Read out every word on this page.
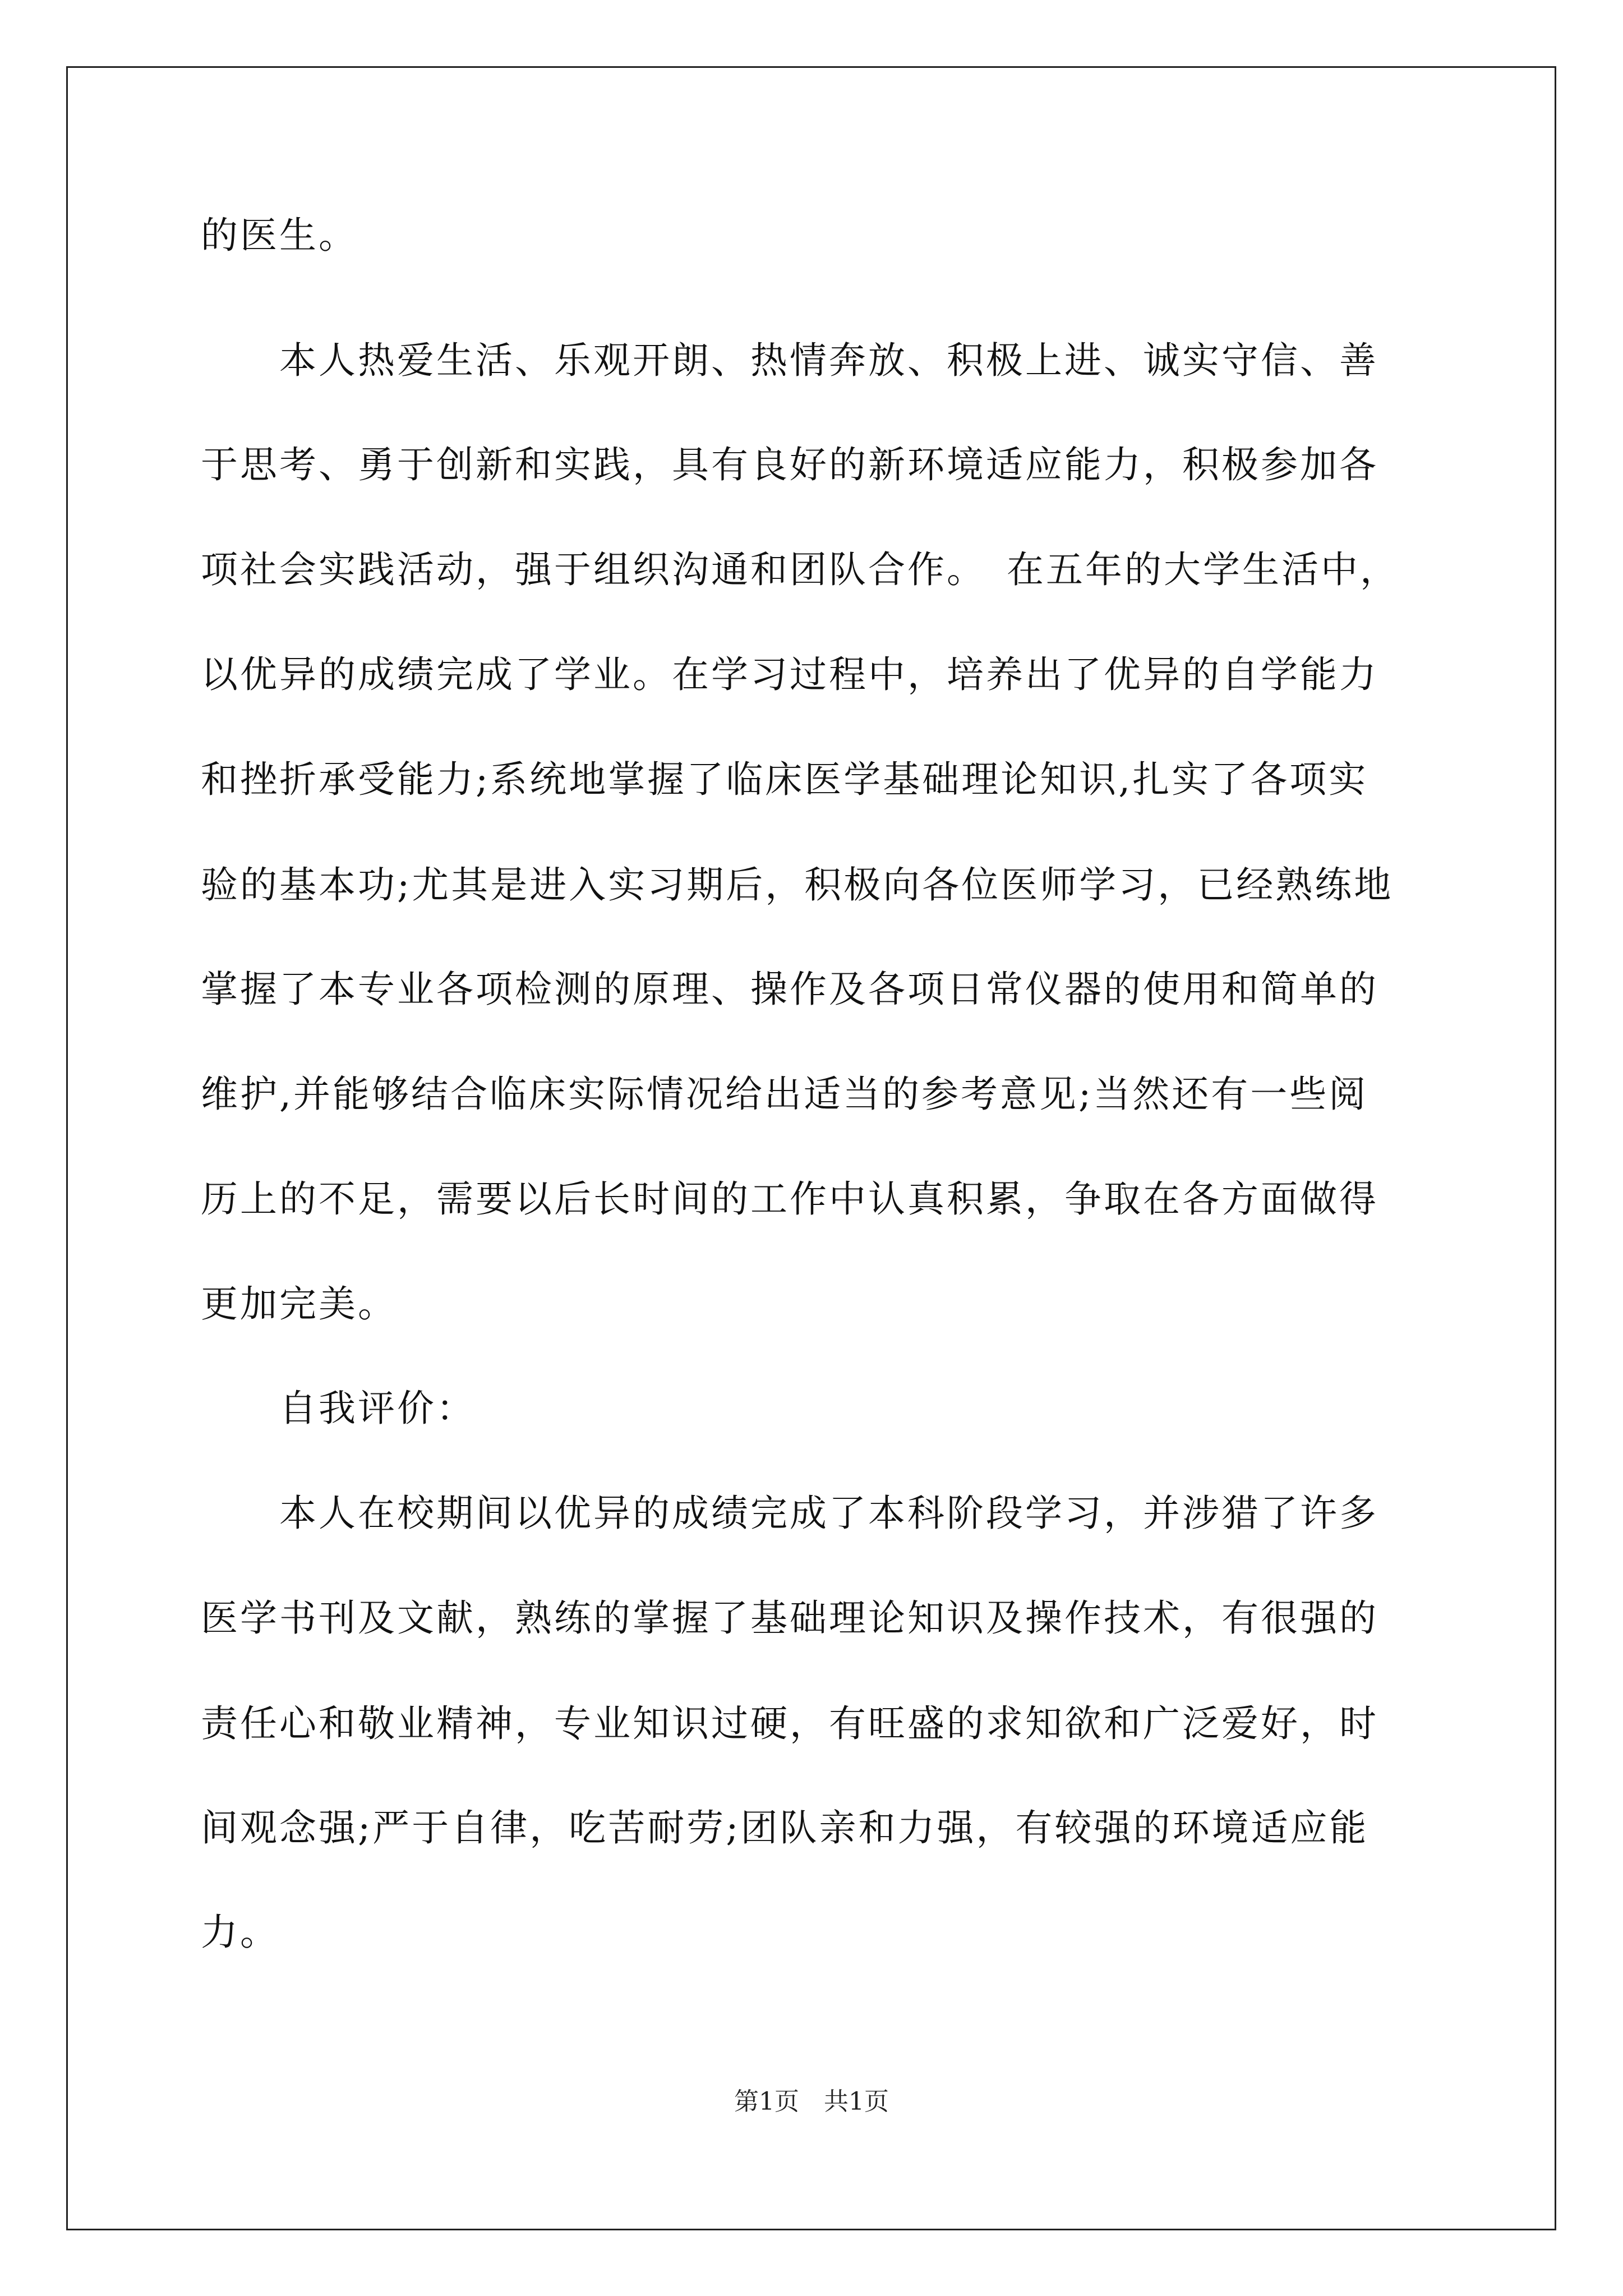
的医生。
　　本人热爱生活、乐观开朗、热情奔放、积极上进、诚实守信、善
于思考、勇于创新和实践，具有良好的新环境适应能力，积极参加各
项社会实践活动，强于组织沟通和团队合作。　在五年的大学生活中，
以优异的成绩完成了学业。在学习过程中，培养出了优异的自学能力
和挫折承受能力;系统地掌握了临床医学基础理论知识,扎实了各项实
验的基本功;尤其是进入实习期后，积极向各位医师学习，已经熟练地
掌握了本专业各项检测的原理、操作及各项日常仪器的使用和简单的
维护,并能够结合临床实际情况给出适当的参考意见;当然还有一些阅
历上的不足，需要以后长时间的工作中认真积累，争取在各方面做得
更加完美。
　　自我评价：
　　本人在校期间以优异的成绩完成了本科阶段学习，并涉猎了许多
医学书刊及文献，熟练的掌握了基础理论知识及操作技术，有很强的
责任心和敬业精神，专业知识过硬，有旺盛的求知欲和广泛爱好，时
间观念强;严于自律，吃苦耐劳;团队亲和力强，有较强的环境适应能
力。
第1页　共1页
